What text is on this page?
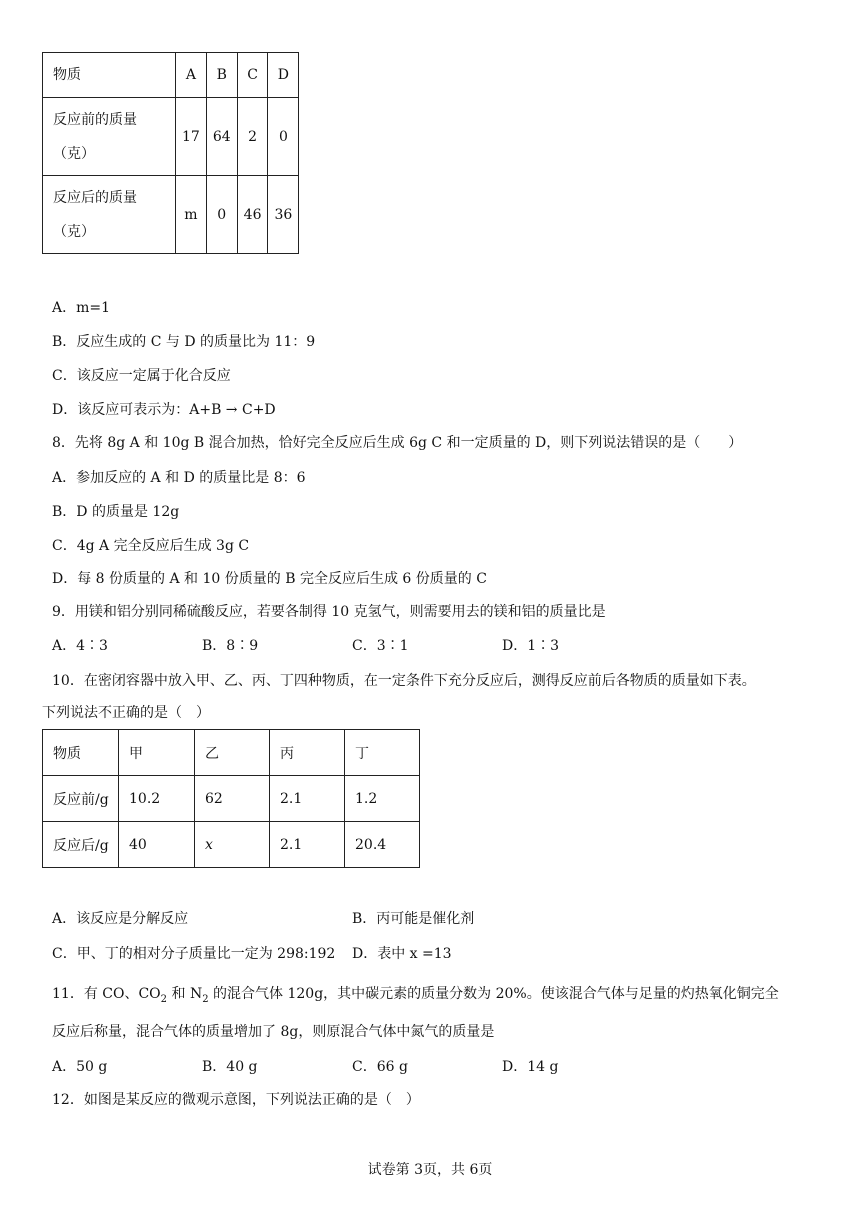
物质	A	B	C	D
反应前的质量
（克）	17	64	2	0
反应后的质量
（克）	m	0	46	36
A．m=1
B．反应生成的 C 与 D 的质量比为 11：9
C．该反应一定属于化合反应
D．该反应可表示为：A+B → C+D
8．先将 8g A 和 10g B 混合加热，恰好完全反应后生成 6g C 和一定质量的 D，则下列说法错误的是（　　）
A．参加反应的 A 和 D 的质量比是 8：6
B．D 的质量是 12g
C．4g A 完全反应后生成 3g C
D．每 8 份质量的 A 和 10 份质量的 B 完全反应后生成 6 份质量的 C
9．用镁和铝分别同稀硫酸反应，若要各制得 10 克氢气，则需要用去的镁和铝的质量比是
A．4∶3	B．8∶9	C．3∶1	D．1∶3
10．在密闭容器中放入甲、乙、丙、丁四种物质，在一定条件下充分反应后，测得反应前后各物质的质量如下表。
下列说法不正确的是（　）
物质	甲	乙	丙	丁
反应前/g	10.2	62	2.1	1.2
反应后/g	40	x	2.1	20.4
A．该反应是分解反应	B．丙可能是催化剂
C．甲、丁的相对分子质量比一定为 298:192 D．表中 x =13
11．有 CO、$CO_2$ 和 $N_2$ 的混合气体 120g，其中碳元素的质量分数为 20%。使该混合气体与足量的灼热氧化铜完全
反应后称量，混合气体的质量增加了 8g，则原混合气体中氮气的质量是
A．50 g	B．40 g	C．66 g	D．14 g
12．如图是某反应的微观示意图，下列说法正确的是（　）
试卷第 3页，共 6页
